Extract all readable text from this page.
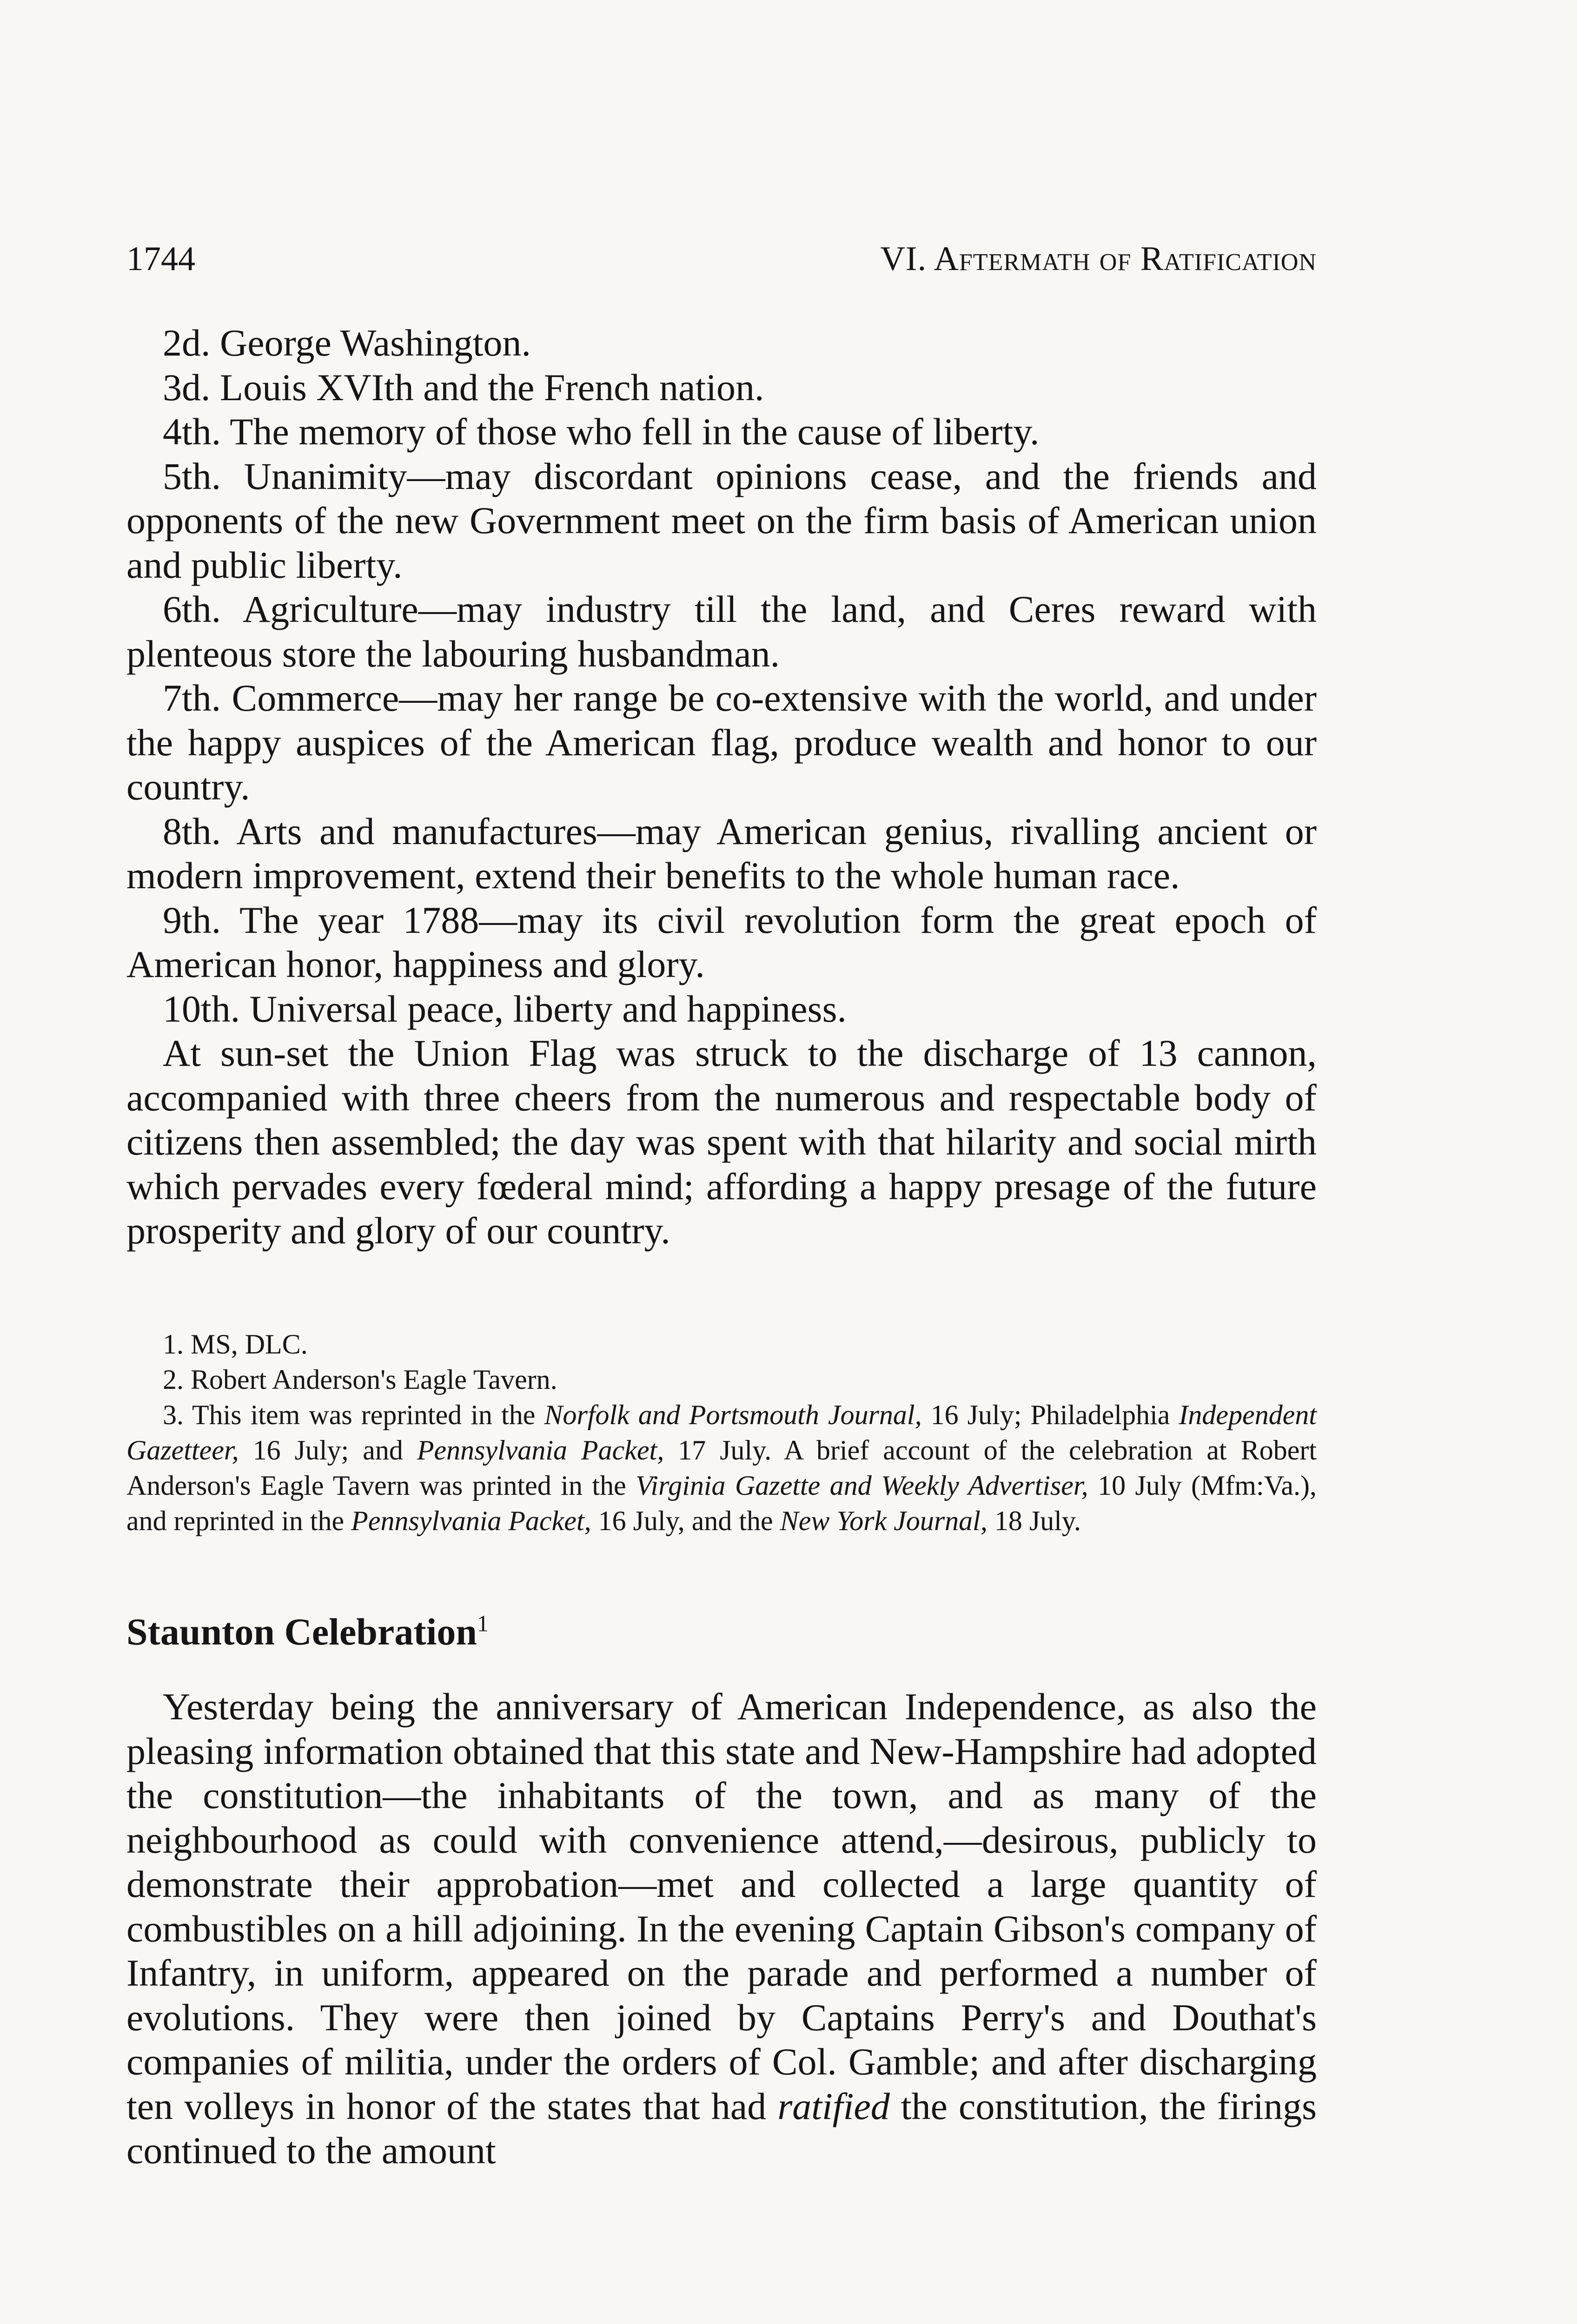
1744	VI. Aftermath of Ratification

2d. George Washington.

3d. Louis XVIth and the French nation.

4th. The memory of those who fell in the cause of liberty.

5th. Unanimity—may discordant opinions cease, and the friends and opponents of the new Government meet on the firm basis of American union and public liberty.

6th. Agriculture—may industry till the land, and Ceres reward with plenteous store the labouring husbandman.

7th. Commerce—may her range be co-extensive with the world, and under the happy auspices of the American flag, produce wealth and honor to our country.

8th. Arts and manufactures—may American genius, rivalling ancient or modern improvement, extend their benefits to the whole human race.

9th. The year 1788—may its civil revolution form the great epoch of American honor, happiness and glory.

10th. Universal peace, liberty and happiness.

At sun-set the Union Flag was struck to the discharge of 13 cannon, accompanied with three cheers from the numerous and respectable body of citizens then assembled; the day was spent with that hilarity and social mirth which pervades every fœderal mind; affording a happy presage of the future prosperity and glory of our country.

1. MS, DLC.

2. Robert Anderson's Eagle Tavern.

3. This item was reprinted in the Norfolk and Portsmouth Journal, 16 July; Philadelphia Independent Gazetteer, 16 July; and Pennsylvania Packet, 17 July. A brief account of the celebration at Robert Anderson's Eagle Tavern was printed in the Virginia Gazette and Weekly Advertiser, 10 July (Mfm:Va.), and reprinted in the Pennsylvania Packet, 16 July, and the New York Journal, 18 July.

Staunton Celebration$^1$

Yesterday being the anniversary of American Independence, as also the pleasing information obtained that this state and New-Hampshire had adopted the constitution—the inhabitants of the town, and as many of the neighbourhood as could with convenience attend,—desirous, publicly to demonstrate their approbation—met and collected a large quantity of combustibles on a hill adjoining. In the evening Captain Gibson's company of Infantry, in uniform, appeared on the parade and performed a number of evolutions. They were then joined by Captains Perry's and Douthat's companies of militia, under the orders of Col. Gamble; and after discharging ten volleys in honor of the states that had ratified the constitution, the firings continued to the amount
